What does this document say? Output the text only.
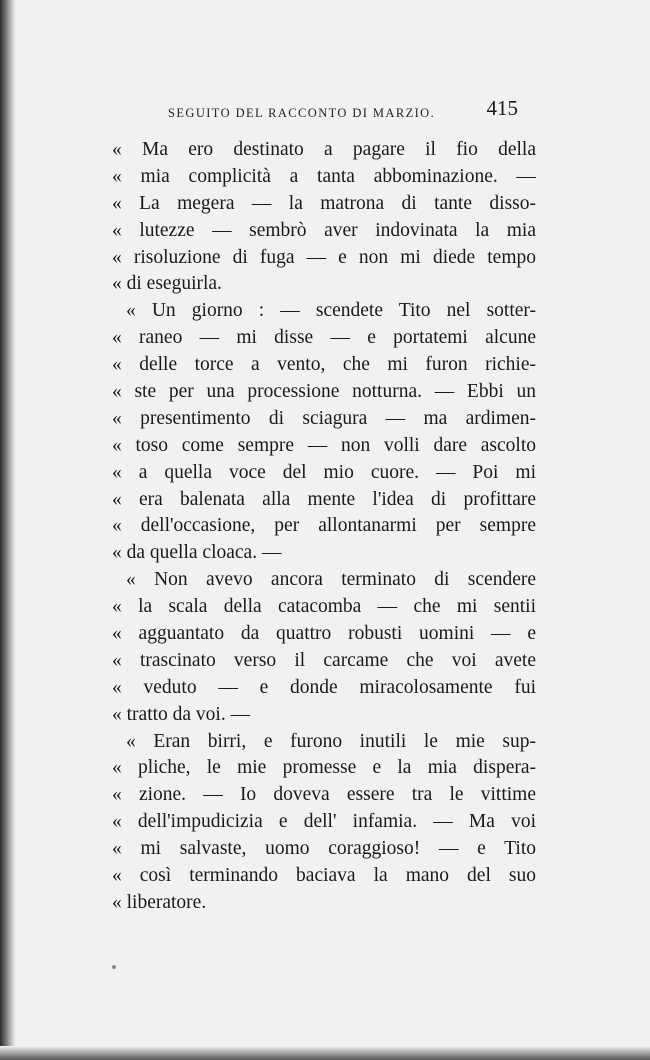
SEGUITO DEL RACCONTO DI MARZIO. 415
« Ma ero destinato a pagare il fio della
« mia complicità a tanta abbominazione. —
« La megera — la matrona di tante disso-
« lutezze — sembrò aver indovinata la mia
« risoluzione di fuga — e non mi diede tempo
« di eseguirla.
« Un giorno : — scendete Tito nel sotter-
« raneo — mi disse — e portatemi alcune
« delle torce a vento, che mi furon richie-
« ste per una processione notturna. — Ebbi un
« presentimento di sciagura — ma ardimen-
« toso come sempre — non volli dare ascolto
« a quella voce del mio cuore. — Poi mi
« era balenata alla mente l'idea di profittare
« dell'occasione, per allontanarmi per sempre
« da quella cloaca. —
« Non avevo ancora terminato di scendere
« la scala della catacomba — che mi sentii
« agguantato da quattro robusti uomini — e
« trascinato verso il carcame che voi avete
« veduto — e donde miracolosamente fui
« tratto da voi. —
« Eran birri, e furono inutili le mie sup-
« pliche, le mie promesse e la mia dispera-
« zione. — Io doveva essere tra le vittime
« dell'impudicizia e dell' infamia. — Ma voi
« mi salvaste, uomo coraggioso! — e Tito
« così terminando baciava la mano del suo
« liberatore.
